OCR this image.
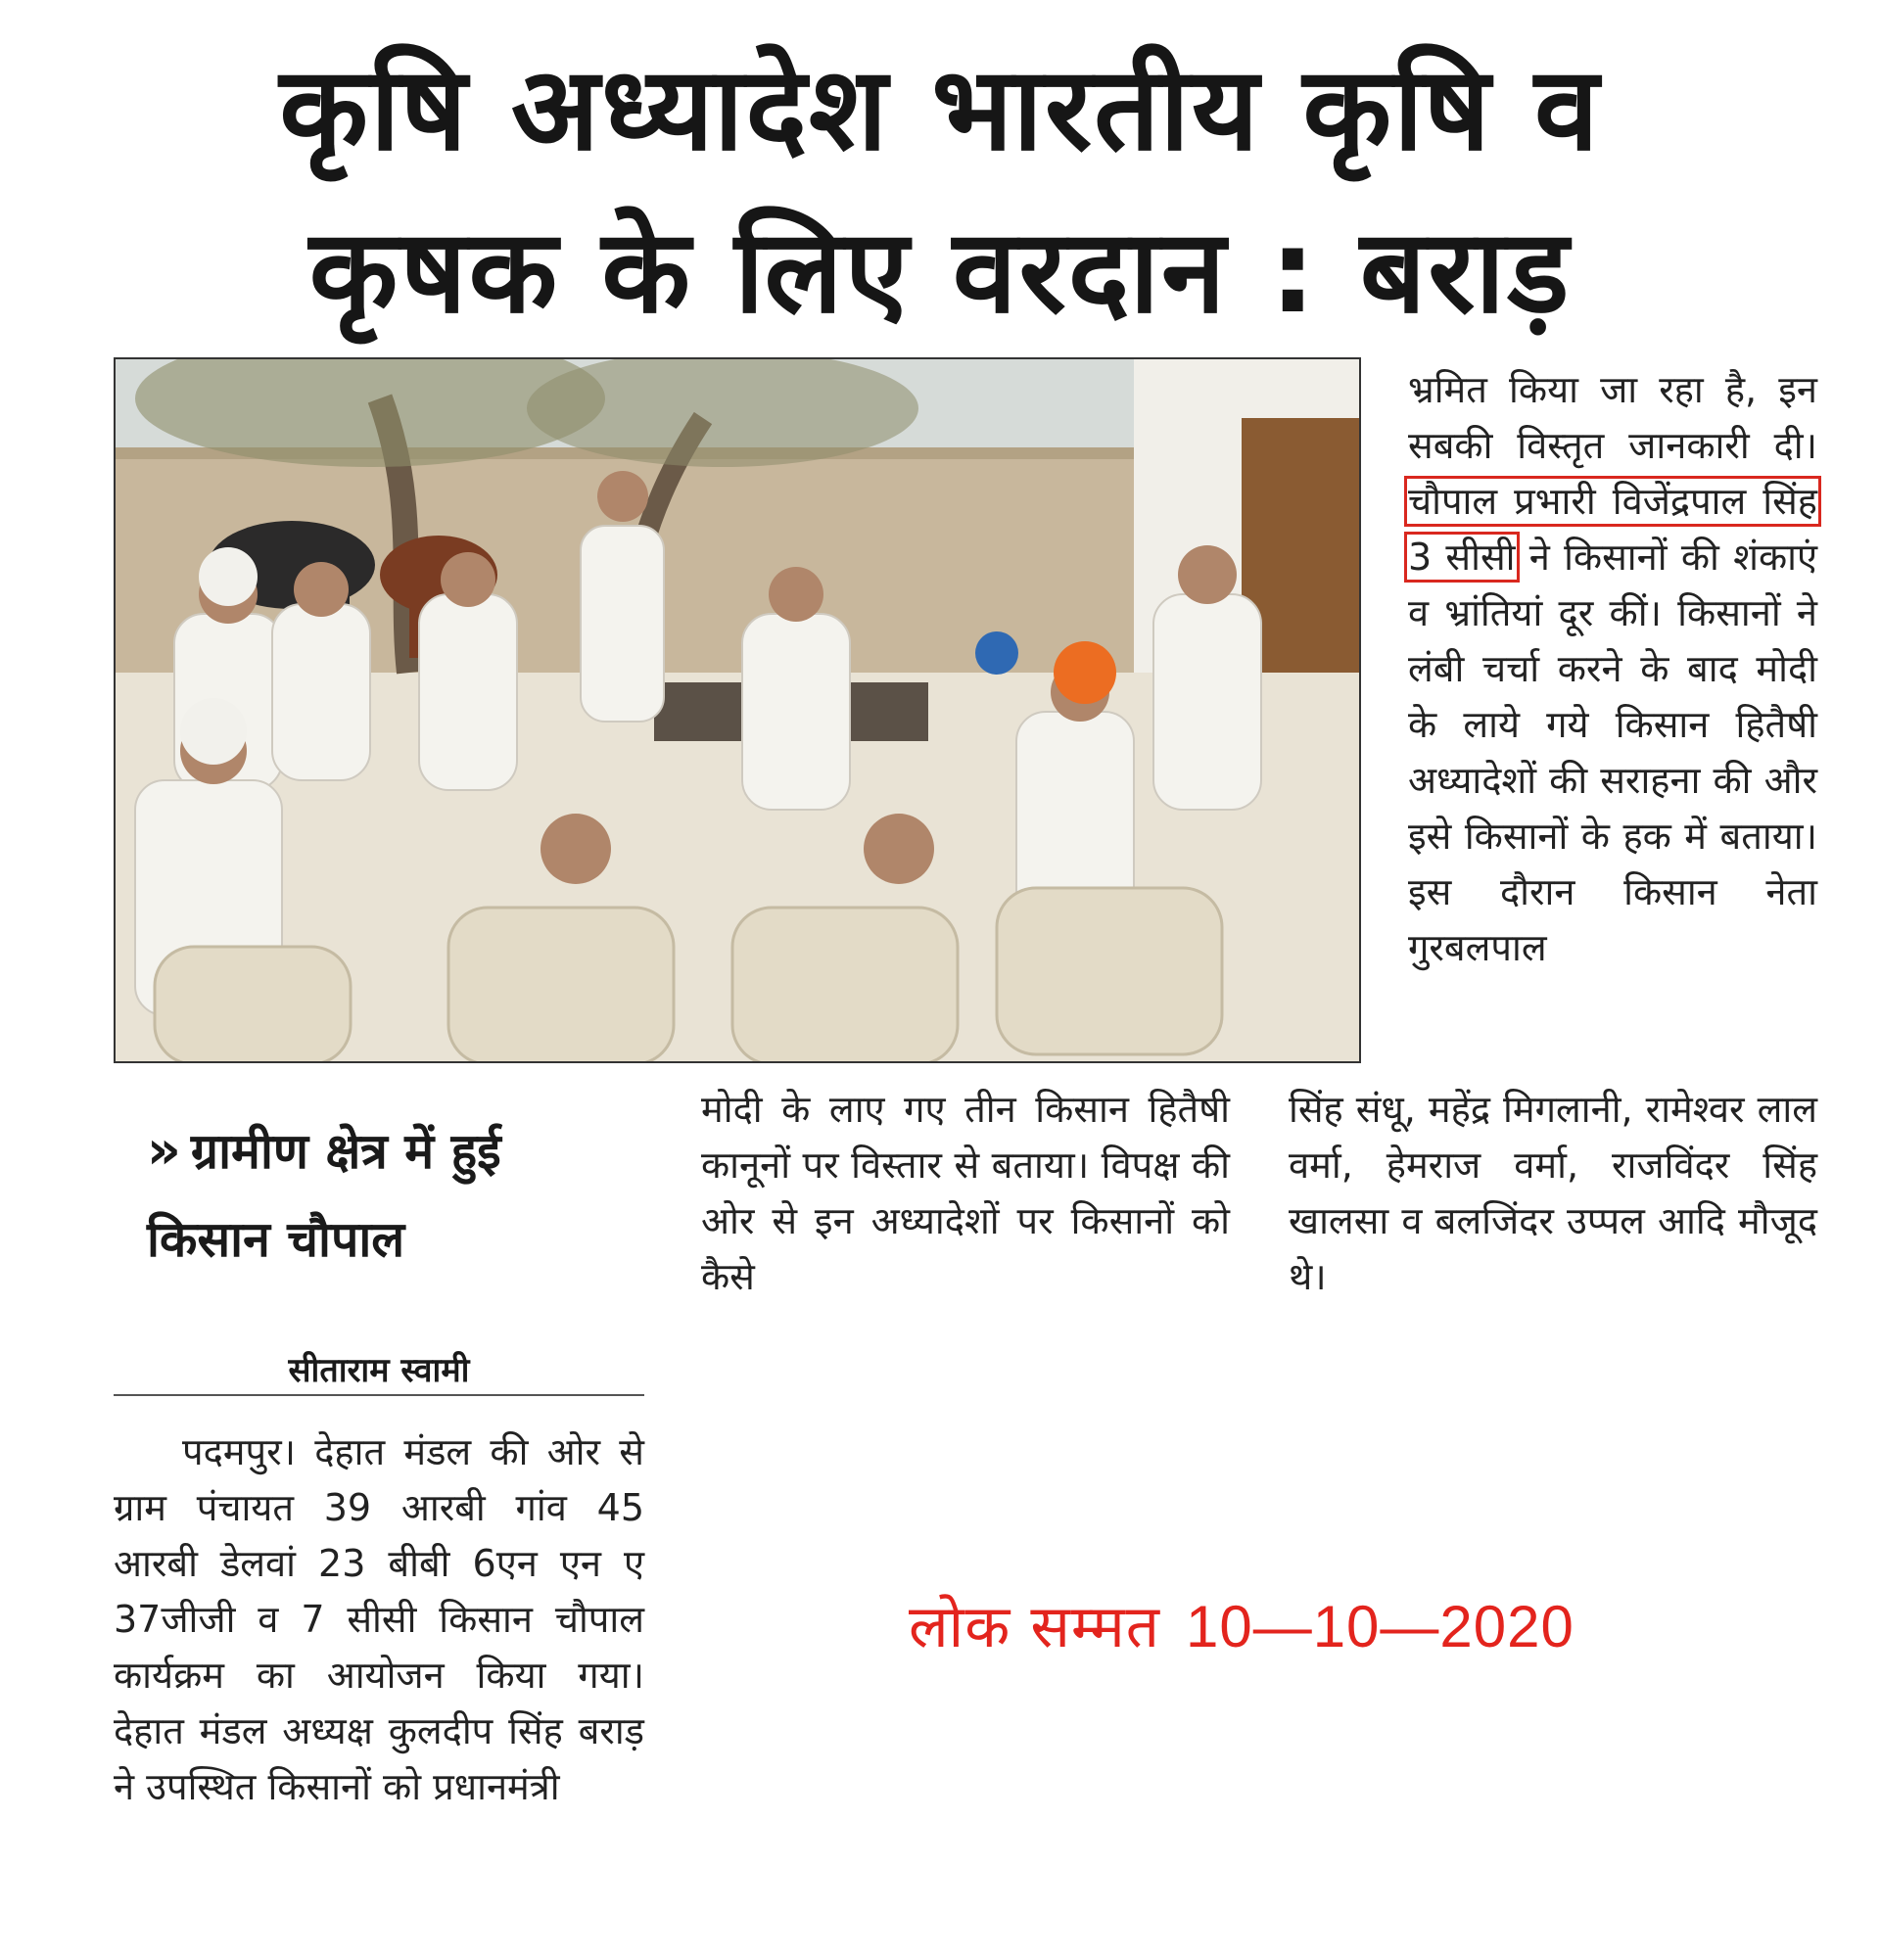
कृषि अध्यादेश भारतीय कृषि व
कृषक के लिए वरदान : बराड़

भ्रमित किया जा रहा है, इन सबकी विस्तृत जानकारी दी। चौपाल प्रभारी विजेंद्रपाल सिंह 3 सीसी ने किसानों की शंकाएं व भ्रांतियां दूर कीं। किसानों ने लंबी चर्चा करने के बाद मोदी के लाये गये किसान हितैषी अध्यादेशों की सराहना की और इसे किसानों के हक में बताया। इस दौरान किसान नेता गुरबलपाल

सिंह संधू, महेंद्र मिगलानी, रामेश्वर लाल वर्मा, हेमराज वर्मा, राजविंदर सिंह खालसा व बलजिंदर उप्पल आदि मौजूद थे।

मोदी के लाए गए तीन किसान हितैषी कानूनों पर विस्तार से बताया। विपक्ष की ओर से इन अध्यादेशों पर किसानों को कैसे

» ग्रामीण क्षेत्र में हुई
किसान चौपाल
सीताराम स्वामी

पदमपुर। देहात मंडल की ओर से ग्राम पंचायत 39 आरबी गांव 45 आरबी डेलवां 23 बीबी 6एन एन ए 37जीजी व 7 सीसी किसान चौपाल कार्यक्रम का आयोजन किया गया। देहात मंडल अध्यक्ष कुलदीप सिंह बराड़ ने उपस्थित किसानों को प्रधानमंत्री

लोक सम्मत 10—10—2020
